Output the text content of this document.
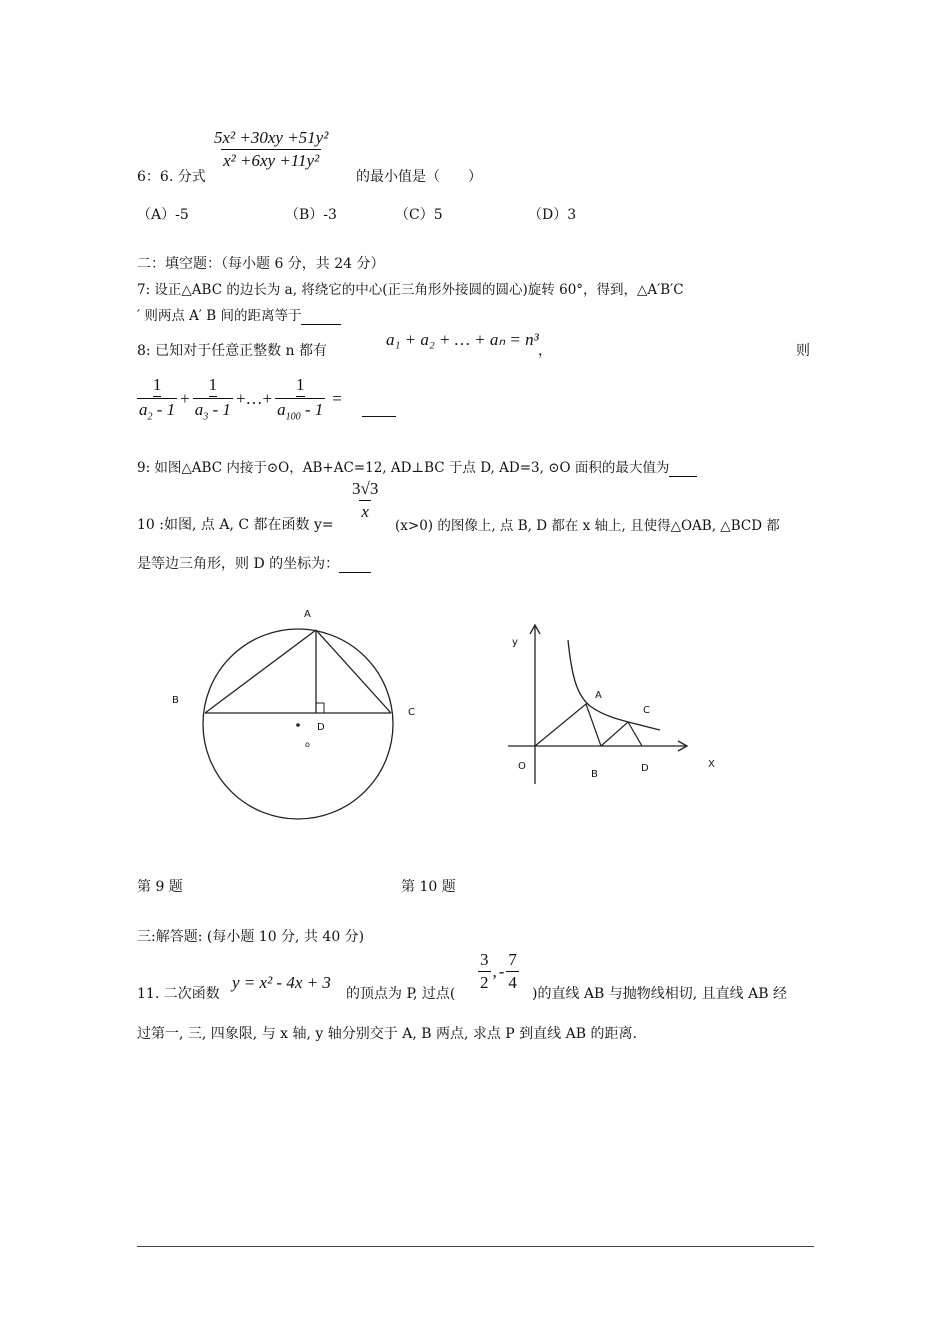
$\frac{\text{5x² +30xy +51y²}}{\text{x² +6xy +11y²}}$
6：6. 分式	的最小值是（　　）
（A）-5	（B）-3	（C）5	（D）3
二：填空题：（每小题 6 分，共 24 分）
7: 设正△ABC 的边长为 a, 将绕它的中心(正三角形外接圆的圆心)旋转 60°，得到，△A′B′C
′ 则两点 A′ B 间的距离等于
8: 已知对于任意正整数 n 都有
a₁ + a₂ + … + aₙ = n³
，	则
$\frac{1}{a_2 - 1} + \frac{1}{a_3 - 1}$ +…+ $\frac{1}{a_{100} - 1}$ =
9: 如图△ABC 内接于⊙O，AB+AC=12, AD⊥BC 于点 D, AD=3, ⊙O 面积的最大值为
$\frac{3√3}{x}$
10 :如图, 点 A, C 都在函数 y=	(x>0) 的图像上, 点 B, D 都在 x 轴上, 且使得△OAB, △BCD 都
是等边三角形，则 D 的坐标为：
A
B
C
D
o
y
X
O
A
B
C
D
第 9 题	第 10 题
三:解答题: (每小题 10 分, 共 40 分)
11. 二次函数
y = x² - 4x + 3
的顶点为 P, 过点(
$\frac{3}{2}$ , - $\frac{7}{4}$
)的直线 AB 与抛物线相切, 且直线 AB 经
过第一, 三, 四象限, 与 x 轴, y 轴分别交于 A, B 两点, 求点 P 到直线 AB 的距离.
